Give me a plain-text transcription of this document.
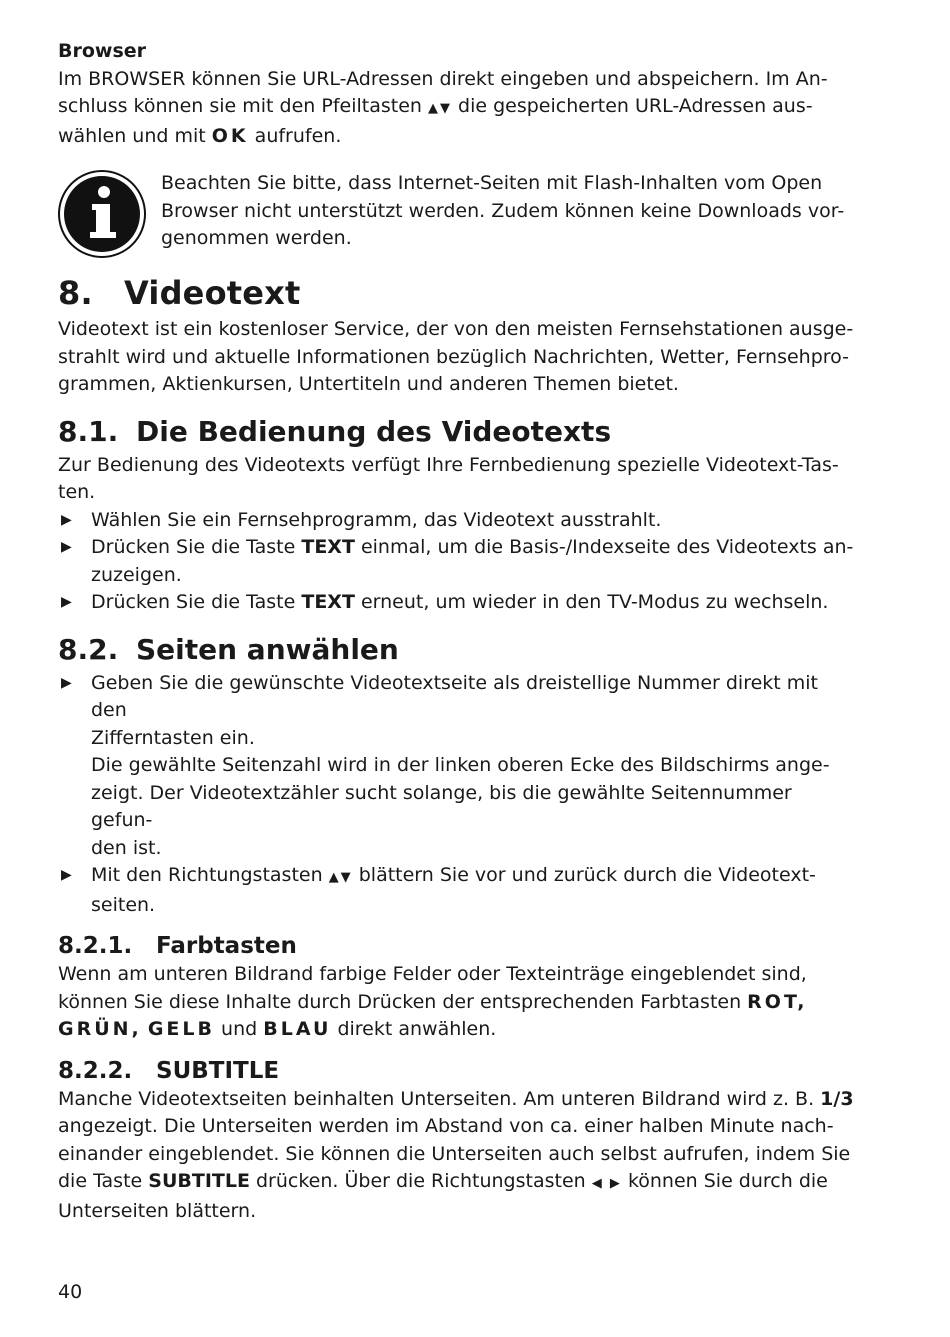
Browser

Im BROWSER können Sie URL-Adressen direkt eingeben und abspeichern. Im An-
schluss können sie mit den Pfeiltasten ▲▼ die gespeicherten URL-Adressen aus-
wählen und mit OK aufrufen.

Beachten Sie bitte, dass Internet-Seiten mit Flash-Inhalten vom Open

Browser nicht unterstützt werden. Zudem können keine Downloads vor-

genommen werden.

8. Videotext

Videotext ist ein kostenloser Service, der von den meisten Fernsehstationen ausge-

strahlt wird und aktuelle Informationen bezüglich Nachrichten, Wetter, Fernsehpro-

grammen, Aktienkursen, Untertiteln und anderen Themen bietet.

8.1. Die Bedienung des Videotexts

Zur Bedienung des Videotexts verfügt Ihre Fernbedienung spezielle Videotext-Tas-

ten.

▶ Wählen Sie ein Fernsehprogramm, das Videotext ausstrahlt.
▶ Drücken Sie die Taste TEXT einmal, um die Basis-/Indexseite des Videotexts an-
zuzeigen.
▶ Drücken Sie die Taste TEXT erneut, um wieder in den TV-Modus zu wechseln.
8.2. Seiten anwählen
▶ Geben Sie die gewünschte Videotextseite als dreistellige Nummer direkt mit den
Zifferntasten ein.
Die gewählte Seitenzahl wird in der linken oberen Ecke des Bildschirms ange-
zeigt. Der Videotextzähler sucht solange, bis die gewählte Seitennummer gefun-
den ist.
▶ Mit den Richtungstasten ▲▼ blättern Sie vor und zurück durch die Videotext-
seiten.
8.2.1. Farbtasten

Wenn am unteren Bildrand farbige Felder oder Texteinträge eingeblendet sind,
können Sie diese Inhalte durch Drücken der entsprechenden Farbtasten ROT,
GRÜN, GELB und BLAU direkt anwählen.

8.2.2. SUBTITLE

Manche Videotextseiten beinhalten Unterseiten. Am unteren Bildrand wird z. B. 1/3
angezeigt. Die Unterseiten werden im Abstand von ca. einer halben Minute nach-
einander eingeblendet. Sie können die Unterseiten auch selbst aufrufen, indem Sie
die Taste SUBTITLE drücken. Über die Richtungstasten ◀ ▶ können Sie durch die
Unterseiten blättern.

40
